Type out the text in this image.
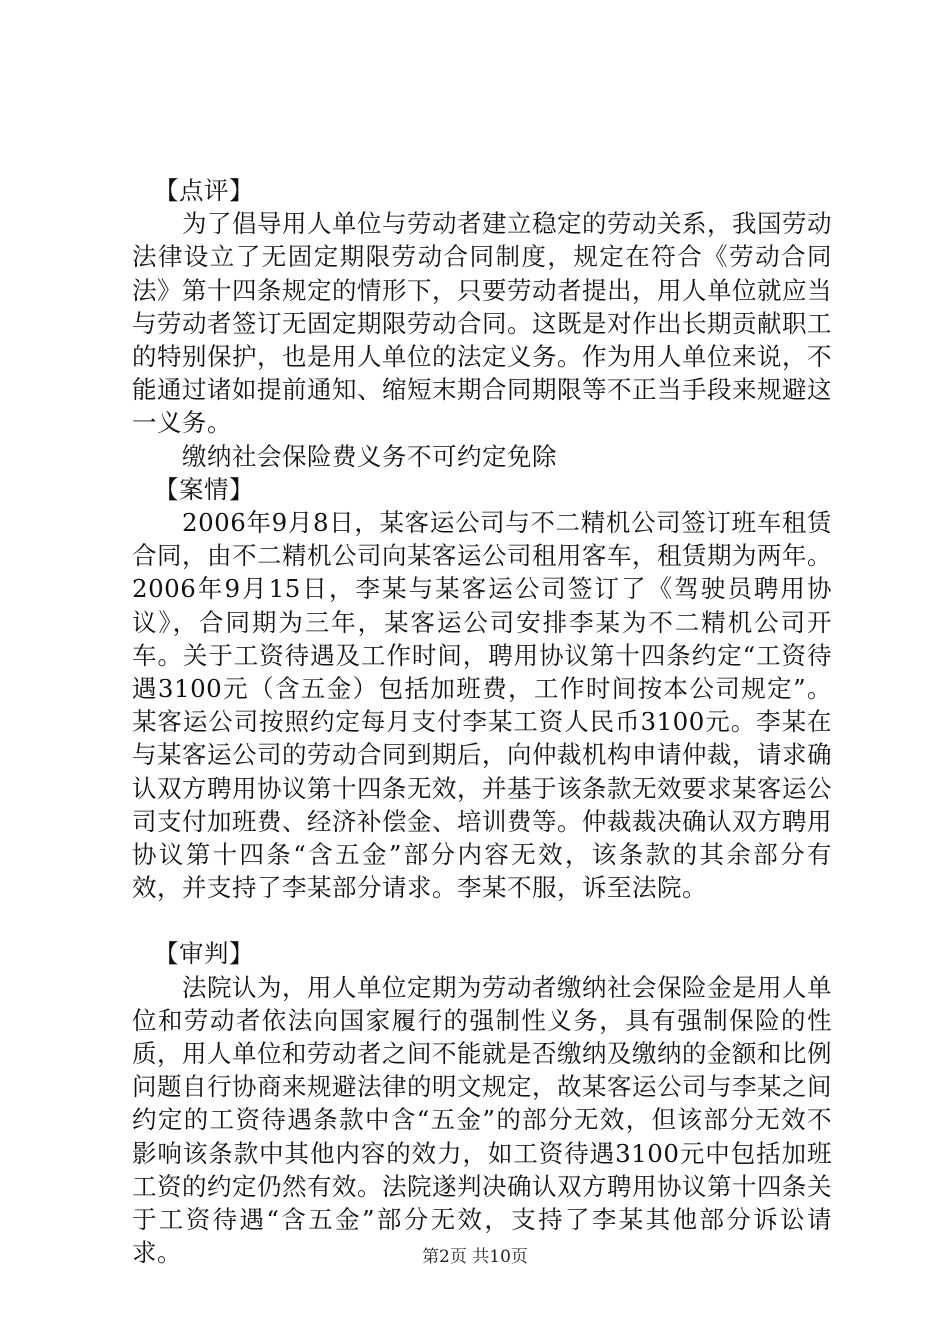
【点评】

为了倡导用人单位与劳动者建立稳定的劳动关系，我国劳动法律设立了无固定期限劳动合同制度，规定在符合《劳动合同法》第十四条规定的情形下，只要劳动者提出，用人单位就应当与劳动者签订无固定期限劳动合同。这既是对作出长期贡献职工的特别保护，也是用人单位的法定义务。作为用人单位来说，不能通过诸如提前通知、缩短末期合同期限等不正当手段来规避这一义务。

缴纳社会保险费义务不可约定免除

【案情】

2006年9月8日，某客运公司与不二精机公司签订班车租赁合同，由不二精机公司向某客运公司租用客车，租赁期为两年。2006年9月15日，李某与某客运公司签订了《驾驶员聘用协议》，合同期为三年，某客运公司安排李某为不二精机公司开车。关于工资待遇及工作时间，聘用协议第十四条约定“工资待遇3100元（含五金）包括加班费，工作时间按本公司规定”。某客运公司按照约定每月支付李某工资人民币3100元。李某在与某客运公司的劳动合同到期后，向仲裁机构申请仲裁，请求确认双方聘用协议第十四条无效，并基于该条款无效要求某客运公司支付加班费、经济补偿金、培训费等。仲裁裁决确认双方聘用协议第十四条“含五金”部分内容无效，该条款的其余部分有效，并支持了李某部分请求。李某不服，诉至法院。

【审判】

法院认为，用人单位定期为劳动者缴纳社会保险金是用人单位和劳动者依法向国家履行的强制性义务，具有强制保险的性质，用人单位和劳动者之间不能就是否缴纳及缴纳的金额和比例问题自行协商来规避法律的明文规定，故某客运公司与李某之间约定的工资待遇条款中含“五金”的部分无效，但该部分无效不影响该条款中其他内容的效力，如工资待遇3100元中包括加班工资的约定仍然有效。法院遂判决确认双方聘用协议第十四条关于工资待遇“含五金”部分无效，支持了李某其他部分诉讼请求。	第2页 共10页
